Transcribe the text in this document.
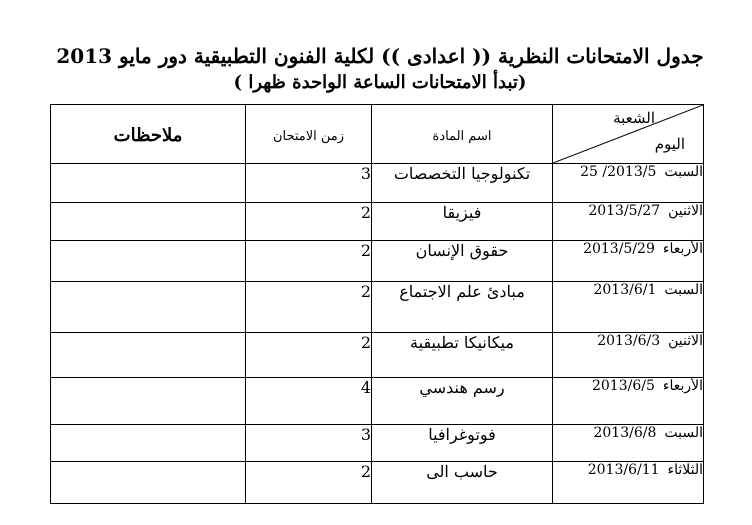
جدول الامتحانات النظرية (( اعدادى )) لكلية الفنون التطبيقية دور مايو 2013
(تبدأ الامتحانات الساعة الواحدة ظهرا )
الشعبة
اليوم	اسم المادة	زمن الامتحان	ملاحظات

السبت25 /2013/5	تكنولوجيا التخصصات	3	
الاثنين2013/5/27	فيزيقا	2	
الأربعاء2013/5/29	حقوق الإنسان	2	
السبت2013/6/1	مبادئ علم الاجتماع	2	
الاثنين2013/6/3	ميكانيكا تطبيقية	2	
الأربعاء2013/6/5	رسم هندسي	4	
السبت2013/6/8	فوتوغرافيا	3	
الثلاثاء2013/6/11	حاسب الى	2	
